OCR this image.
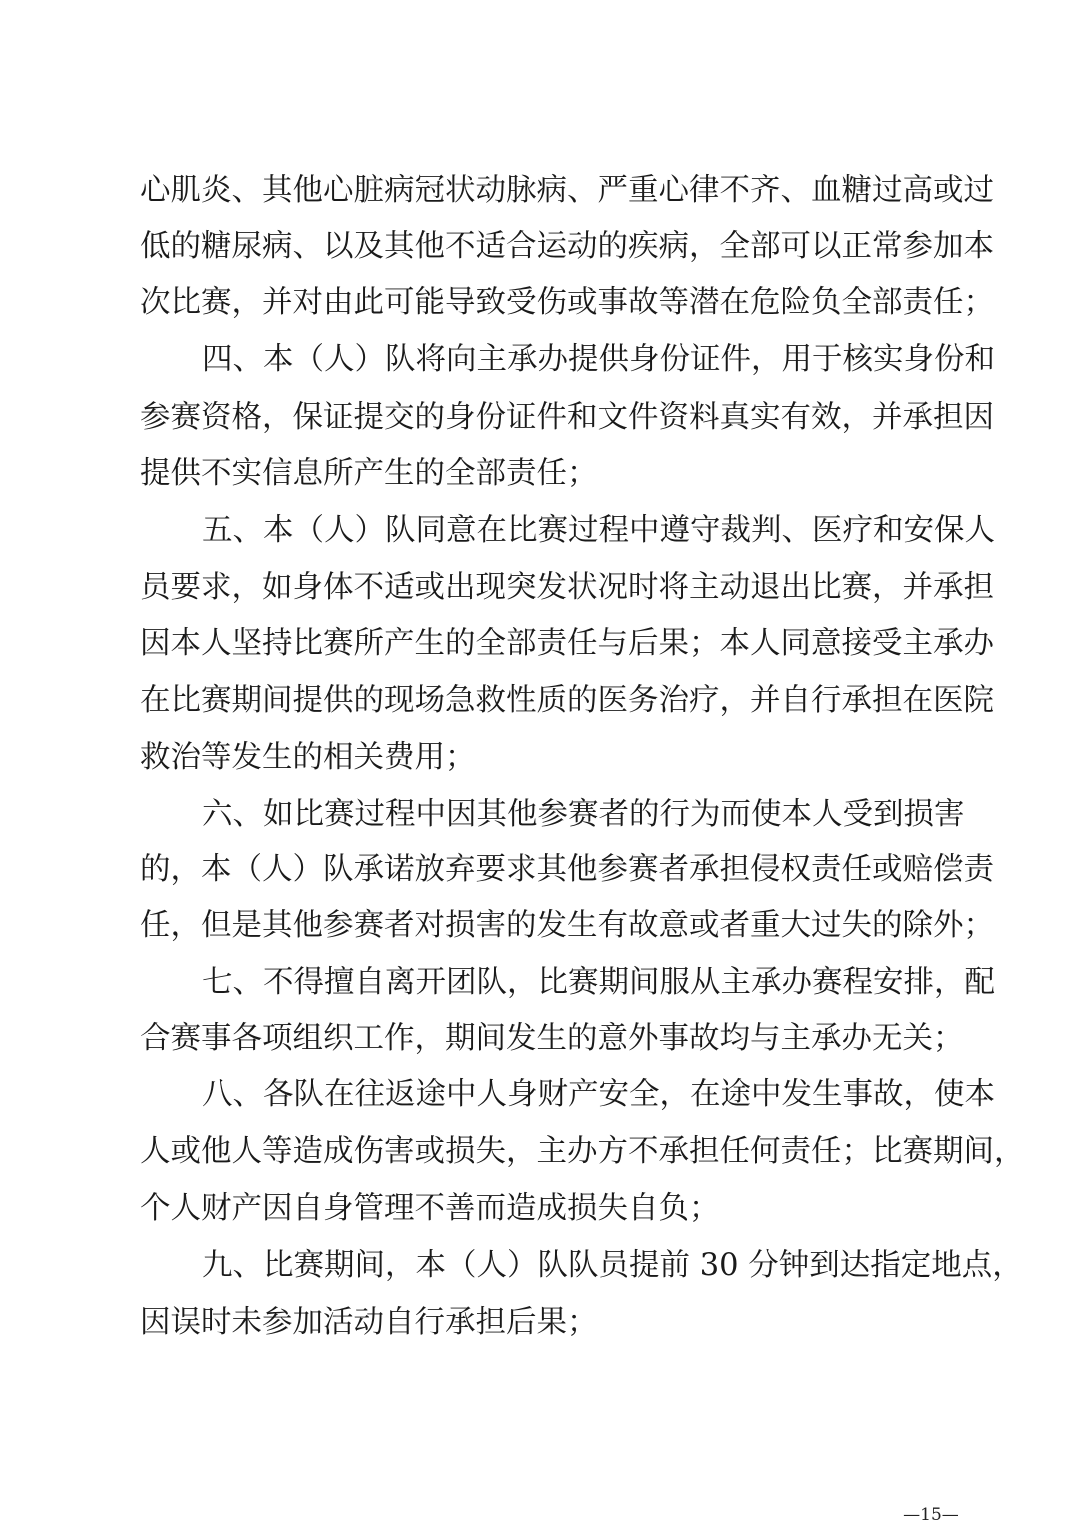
心肌炎、其他心脏病冠状动脉病、严重心律不齐、血糖过高或过
低的糖尿病、以及其他不适合运动的疾病，全部可以正常参加本
次比赛，并对由此可能导致受伤或事故等潜在危险负全部责任；
四、本（人）队将向主承办提供身份证件，用于核实身份和
参赛资格，保证提交的身份证件和文件资料真实有效，并承担因
提供不实信息所产生的全部责任；
五、本（人）队同意在比赛过程中遵守裁判、医疗和安保人
员要求，如身体不适或出现突发状况时将主动退出比赛，并承担
因本人坚持比赛所产生的全部责任与后果；本人同意接受主承办
在比赛期间提供的现场急救性质的医务治疗，并自行承担在医院
救治等发生的相关费用；
六、如比赛过程中因其他参赛者的行为而使本人受到损害
的，本（人）队承诺放弃要求其他参赛者承担侵权责任或赔偿责
任，但是其他参赛者对损害的发生有故意或者重大过失的除外；
七、不得擅自离开团队，比赛期间服从主承办赛程安排，配
合赛事各项组织工作，期间发生的意外事故均与主承办无关；
八、各队在往返途中人身财产安全，在途中发生事故，使本
人或他人等造成伤害或损失，主办方不承担任何责任；比赛期间，
个人财产因自身管理不善而造成损失自负；
九、比赛期间，本（人）队队员提前 30 分钟到达指定地点，
因误时未参加活动自行承担后果；
—15—
